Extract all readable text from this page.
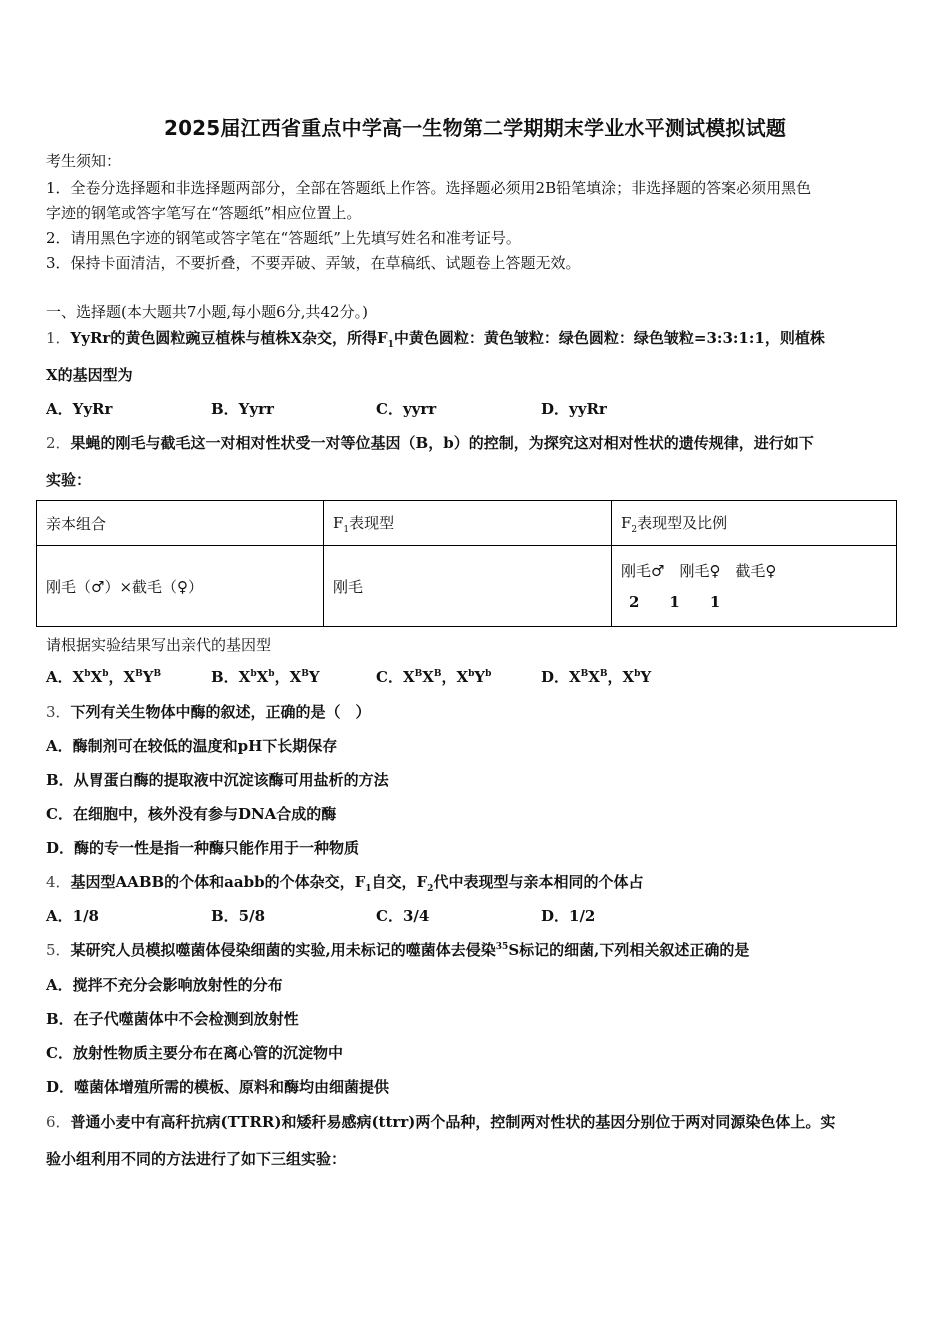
2025届江西省重点中学高一生物第二学期期末学业水平测试模拟试题
考生须知：
1．全卷分选择题和非选择题两部分，全部在答题纸上作答。选择题必须用2B铅笔填涂；非选择题的答案必须用黑色
字迹的钢笔或答字笔写在“答题纸”相应位置上。
2．请用黑色字迹的钢笔或答字笔在“答题纸”上先填写姓名和准考证号。
3．保持卡面清洁，不要折叠，不要弄破、弄皱，在草稿纸、试题卷上答题无效。
一、选择题(本大题共7小题,每小题6分,共42分。)
1．YyRr的黄色圆粒豌豆植株与植株X杂交，所得$F_1$中黄色圆粒：黄色皱粒：绿色圆粒：绿色皱粒=3:3:1:1，则植株
X的基因型为
A．YyRr	B．Yyrr	C．yyrr	D．yyRr
2．果蝇的刚毛与截毛这一对相对性状受一对等位基因（B，b）的控制，为探究这对相对性状的遗传规律，进行如下
实验：
亲本组合	$F_1$表现型	$F_2$表现型及比例
刚毛（♂）×截毛（♀）	刚毛	刚毛♂　刚毛♀　截毛♀
2　　1　　1
请根据实验结果写出亲代的基因型
A．$X^bX^b$，$X^BY^B$	B．$X^bX^b$，$X^BY$	C．$X^BX^B$，$X^bY^b$	D．$X^BX^B$，$X^bY$
3．下列有关生物体中酶的叙述，正确的是（　）
A．酶制剂可在较低的温度和pH下长期保存
B．从胃蛋白酶的提取液中沉淀该酶可用盐析的方法
C．在细胞中，核外没有参与DNA合成的酶
D．酶的专一性是指一种酶只能作用于一种物质
4．基因型AABB的个体和aabb的个体杂交，$F_1$自交，$F_2$代中表现型与亲本相同的个体占
A．1/8	B．5/8	C．3/4	D．1/2
5．某研究人员模拟噬菌体侵染细菌的实验,用未标记的噬菌体去侵染$^{35}$S标记的细菌,下列相关叙述正确的是
A．搅拌不充分会影响放射性的分布
B．在子代噬菌体中不会检测到放射性
C．放射性物质主要分布在离心管的沉淀物中
D．噬菌体增殖所需的模板、原料和酶均由细菌提供
6．普通小麦中有高秆抗病(TTRR)和矮秆易感病(ttrr)两个品种，控制两对性状的基因分别位于两对同源染色体上。实
验小组利用不同的方法进行了如下三组实验：
